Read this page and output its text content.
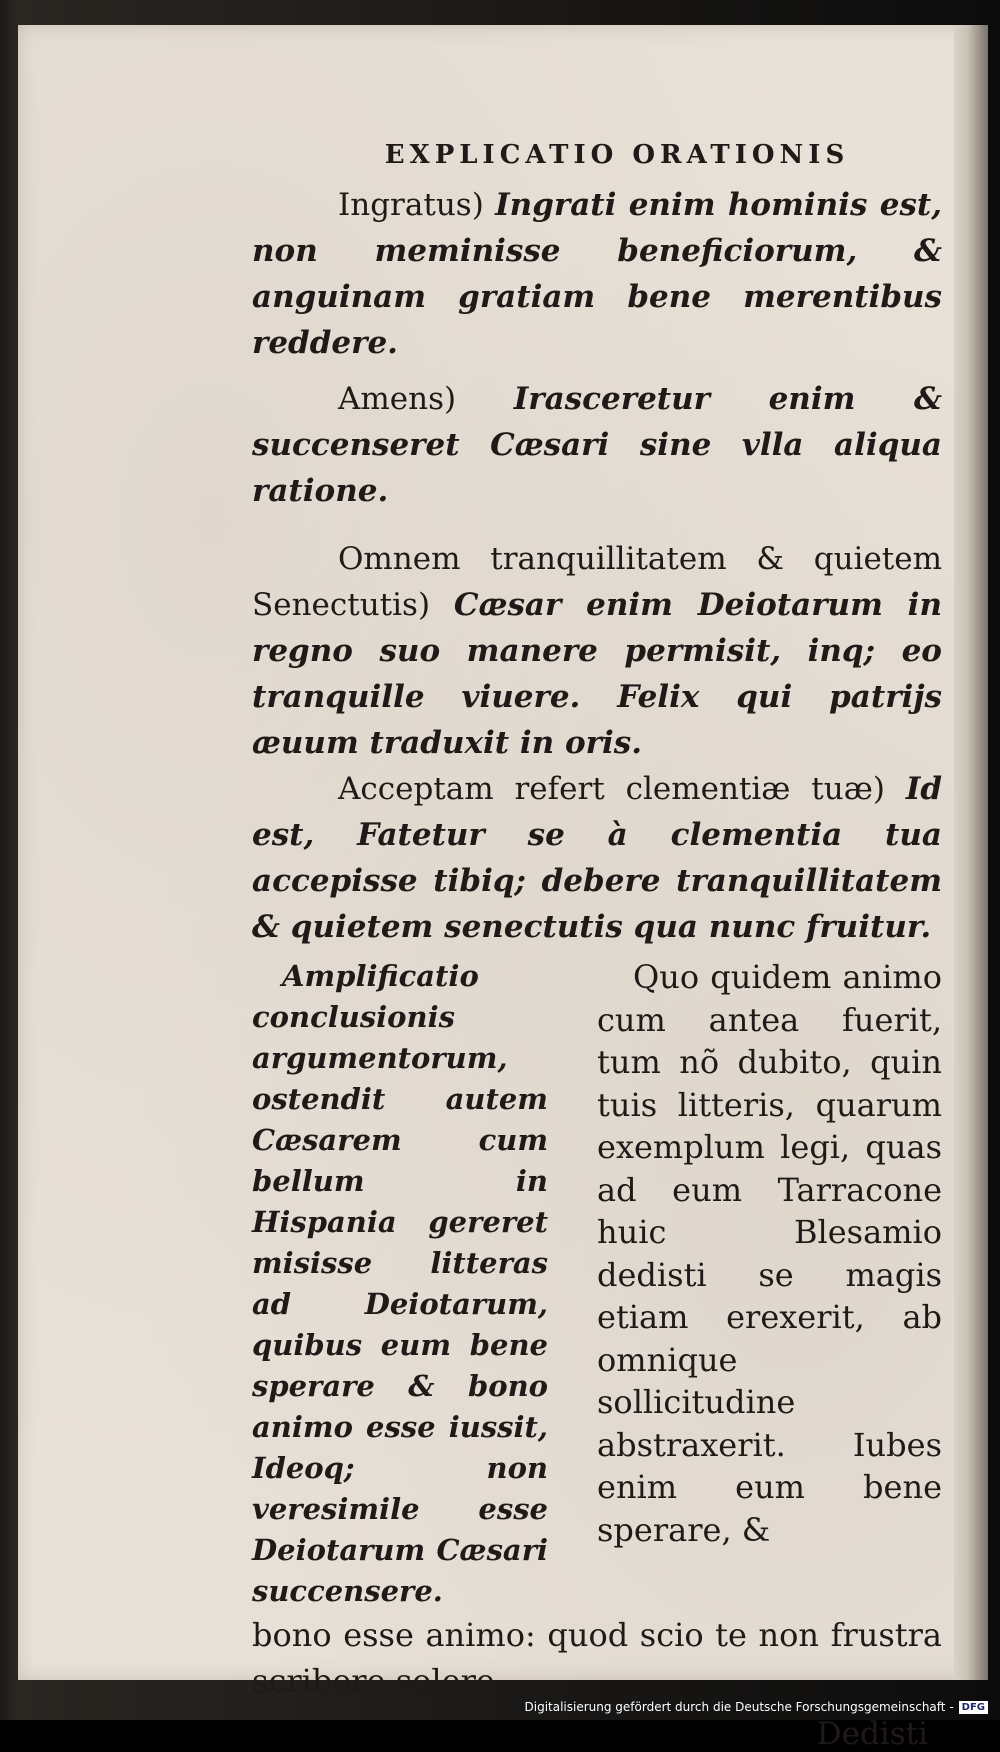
EXPLICATIO ORATIONIS

Ingratus) Ingrati enim hominis est, non meminisse beneficiorum, & anguinam gratiam bene merentibus reddere.

Amens) Irasceretur enim & succenseret Cæsari sine vlla aliqua ratione.

Omnem tranquillitatem & quietem Senectutis) Cæsar enim Deiotarum in regno suo manere permisit, inq; eo tranquille viuere. Felix qui patrijs æuum traduxit in oris.

Acceptam refert clementiæ tuæ) Id est, Fatetur se à clementia tua accepisse tibiq; debere tranquillitatem & quietem senectutis qua nunc fruitur.

Amplificatio conclusionis argumentorum, ostendit autem Cæsarem cum bellum in Hispania gereret misisse litteras ad Deiotarum, quibus eum bene sperare & bono animo esse iussit, Ideoq; non veresimile esse Deiotarum Cæsari succensere.
Quo quidem animo cum antea fuerit, tum nõ dubito, quin tuis litteris, quarum exemplum legi, quas ad eum Tarracone huic Blesamio dedisti se magis etiam erexerit, ab omnique sollicitudine abstraxerit. Iubes enim eum bene sperare, &

bono esse animo: quod scio te non frustra scribere solere.

Dedisti
Digitalisierung gefördert durch die Deutsche Forschungsgemeinschaft - DFG
